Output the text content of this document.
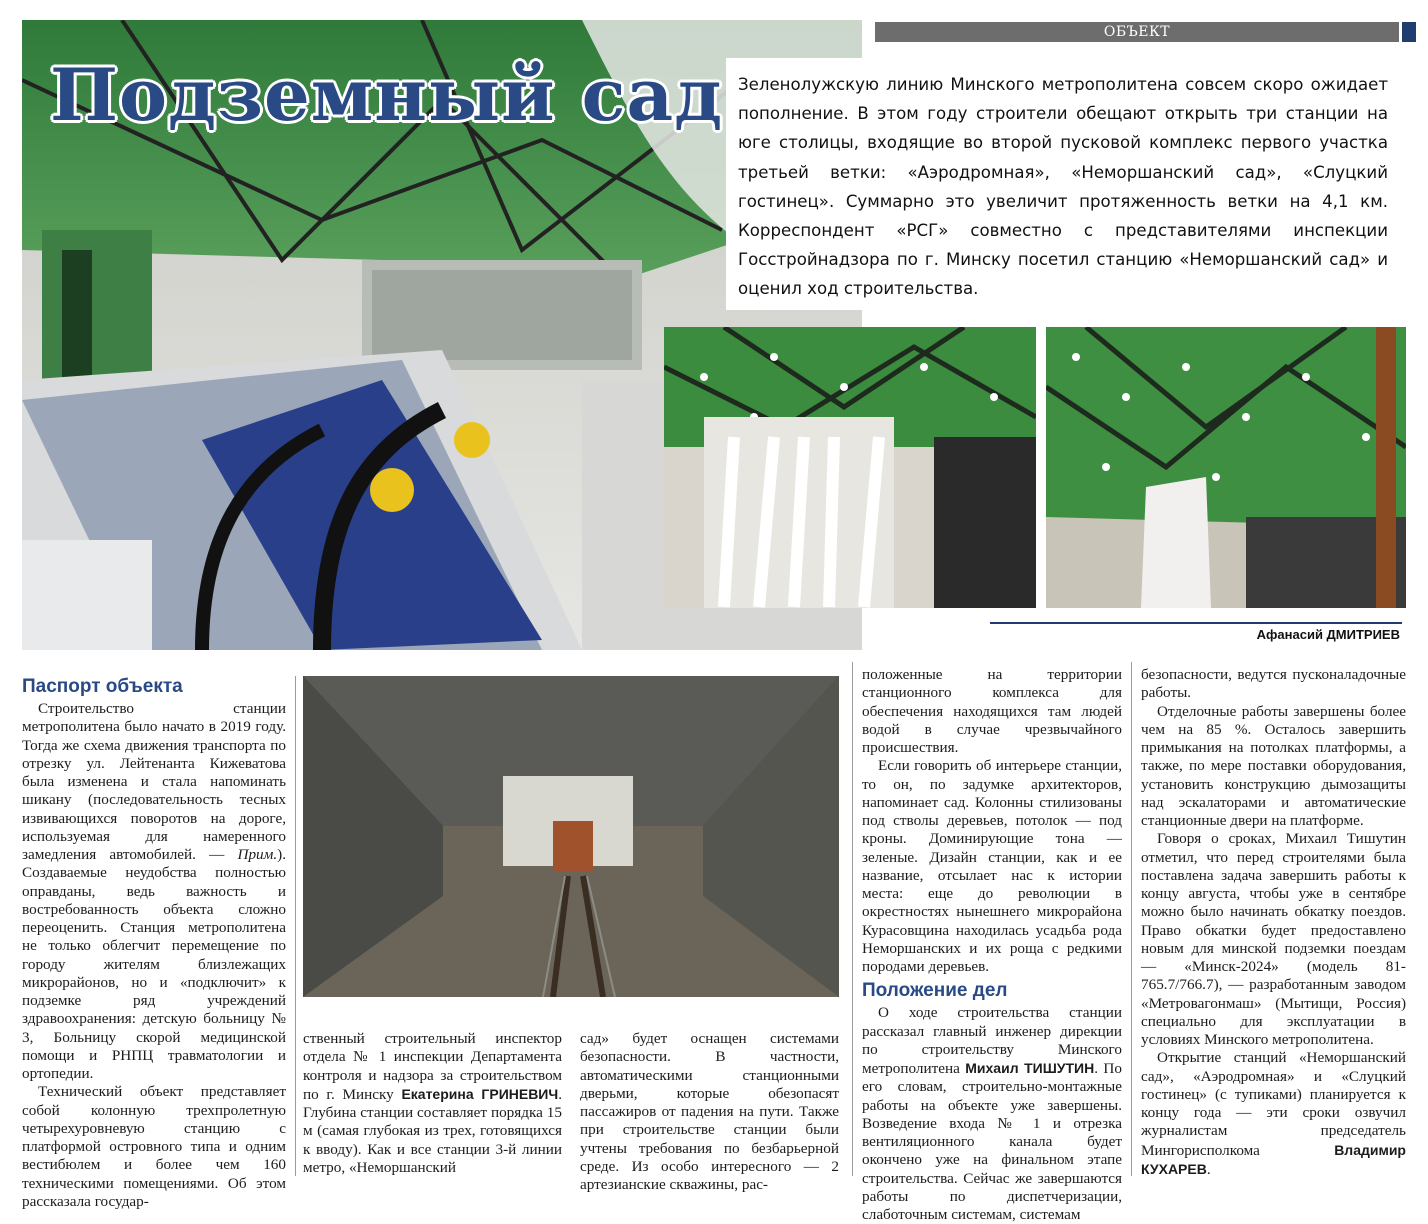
ОБЪЕКТ
Подземный сад Зеленолужскую линию Минского метрополитена совсем скоро ожидает пополнение. В этом году строители обещают открыть три станции на юге столицы, входящие во второй пусковой комплекс первого участка третьей ветки: «Аэродромная», «Неморшанский сад», «Слуцкий гостинец». Суммарно это увеличит протяженность ветки на 4,1 км. Корреспондент «РСГ» совместно с представителями инспекции Госстройнадзора по г. Минску посетил станцию «Неморшанский сад» и оценил ход строительства.

Афанасий ДМИТРИЕВ
Паспорт объекта

Строительство станции метрополитена было начато в 2019 году. Тогда же схема движения транспорта по отрезку ул. Лейтенанта Кижеватова была изменена и стала напоминать шикану (последовательность тесных извивающихся поворотов на дороге, используемая для намеренного замедления автомобилей. — Прим.). Создаваемые неудобства полностью оправданы, ведь важность и востребованность объекта сложно переоценить. Станция метрополитена не только облегчит перемещение по городу жителям близлежащих микрорайонов, но и «подключит» к подземке ряд учреждений здравоохранения: детскую больницу № 3, Больницу скорой медицинской помощи и РНПЦ травматологии и ортопедии.

Технический объект представляет собой колонную трехпролетную четырехуровневую станцию с платформой островного типа и одним вестибюлем и более чем 160 техническими помещениями. Об этом рассказала государ-

ственный строительный инспектор отдела № 1 инспекции Департамента контроля и надзора за строительством по г. Минску Екатерина ГРИНЕВИЧ. Глубина станции составляет порядка 15 м (самая глубокая из трех, готовящихся к вводу). Как и все станции 3-й линии метро, «Неморшанский

сад» будет оснащен системами безопасности. В частности, автоматическими станционными дверьми, которые обезопасят пассажиров от падения на пути. Также при строительстве станции были учтены требования по безбарьерной среде. Из особо интересного — 2 артезианские скважины, рас-

положенные на территории станционного комплекса для обеспечения находящихся там людей водой в случае чрезвычайного происшествия.

Если говорить об интерьере станции, то он, по задумке архитекторов, напоминает сад. Колонны стилизованы под стволы деревьев, потолок — под кроны. Доминирующие тона — зеленые. Дизайн станции, как и ее название, отсылает нас к истории места: еще до революции в окрестностях нынешнего микрорайона Курасовщина находилась усадьба рода Неморшанских и их роща с редкими породами деревьев.

Положение дел

О ходе строительства станции рассказал главный инженер дирекции по строительству Минского метрополитена Михаил ТИШУТИН. По его словам, строительно-монтажные работы на объекте уже завершены. Возведение входа № 1 и отрезка вентиляционного канала будет окончено уже на финальном этапе строительства. Сейчас же завершаются работы по диспетчеризации, слаботочным системам, системам

безопасности, ведутся пусконаладочные работы.

Отделочные работы завершены более чем на 85 %. Осталось завершить примыкания на потолках платформы, а также, по мере поставки оборудования, установить конструкцию дымозащиты над эскалаторами и автоматические станционные двери на платформе.

Говоря о сроках, Михаил Тишутин отметил, что перед строителями была поставлена задача завершить работы к концу августа, чтобы уже в сентябре можно было начинать обкатку поездов. Право обкатки будет предоставлено новым для минской подземки поездам — «Минск-2024» (модель 81-765.7/766.7), — разработанным заводом «Метровагонмаш» (Мытищи, Россия) специально для эксплуатации в условиях Минского метрополитена.

Открытие станций «Неморшанский сад», «Аэродромная» и «Слуцкий гостинец» (с тупиками) планируется к концу года — эти сроки озвучил журналистам председатель Мингорисполкома Владимир КУХАРЕВ.
